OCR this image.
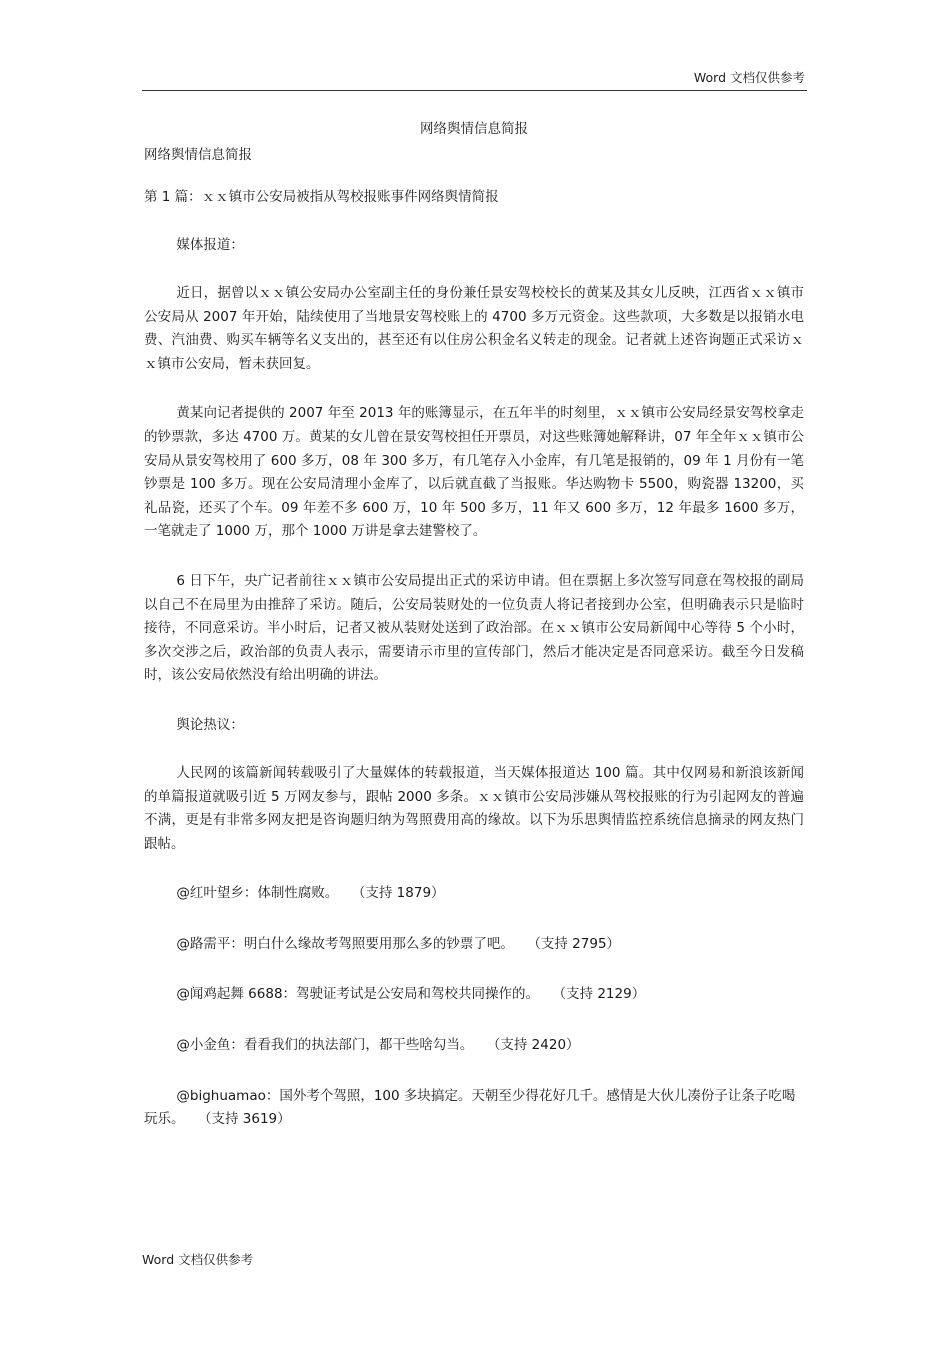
Word 文档仅供参考
网络舆情信息简报
网络舆情信息简报
第 1 篇：ｘｘ镇市公安局被指从驾校报账事件网络舆情简报
媒体报道：

近日，据曾以ｘｘ镇公安局办公室副主任的身份兼任景安驾校校长的黄某及其女儿反映，江西省ｘｘ镇市公安局从 2007 年开始，陆续使用了当地景安驾校账上的 4700 多万元资金。这些款项，大多数是以报销水电费、汽油费、购买车辆等名义支出的，甚至还有以住房公积金名义转走的现金。记者就上述咨询题正式采访ｘｘ镇市公安局，暂未获回复。

黄某向记者提供的 2007 年至 2013 年的账簿显示，在五年半的时刻里，ｘｘ镇市公安局经景安驾校拿走的钞票款，多达 4700 万。黄某的女儿曾在景安驾校担任开票员，对这些账簿她解释讲，07 年全年ｘｘ镇市公安局从景安驾校用了 600 多万，08 年 300 多万，有几笔存入小金库，有几笔是报销的，09 年 1 月份有一笔钞票是 100 多万。现在公安局清理小金库了，以后就直截了当报账。华达购物卡 5500，购瓷器 13200，买礼品瓷，还买了个车。09 年差不多 600 万，10 年 500 多万，11 年又 600 多万，12 年最多 1600 多万，一笔就走了 1000 万，那个 1000 万讲是拿去建警校了。

6 日下午，央广记者前往ｘｘ镇市公安局提出正式的采访申请。但在票据上多次签写同意在驾校报的副局以自己不在局里为由推辞了采访。随后，公安局装财处的一位负责人将记者接到办公室，但明确表示只是临时接待，不同意采访。半小时后，记者又被从装财处送到了政治部。在ｘｘ镇市公安局新闻中心等待 5 个小时，多次交涉之后，政治部的负责人表示，需要请示市里的宣传部门，然后才能决定是否同意采访。截至今日发稿时，该公安局依然没有给出明确的讲法。

舆论热议：

人民网的该篇新闻转载吸引了大量媒体的转载报道，当天媒体报道达 100 篇。其中仅网易和新浪该新闻的单篇报道就吸引近 5 万网友参与，跟帖 2000 多条。ｘｘ镇市公安局涉嫌从驾校报账的行为引起网友的普遍不满，更是有非常多网友把是咨询题归纳为驾照费用高的缘故。以下为乐思舆情监控系统信息摘录的网友热门跟帖。

@红叶望乡：体制性腐败。 （支持 1879）

@路需平：明白什么缘故考驾照要用那么多的钞票了吧。 （支持 2795）

@闻鸡起舞 6688：驾驶证考试是公安局和驾校共同操作的。 （支持 2129）

@小金鱼：看看我们的执法部门，都干些啥勾当。 （支持 2420）

@bighuamao：国外考个驾照，100 多块搞定。天朝至少得花好几千。感情是大伙儿凑份子让条子吃喝玩乐。 （支持 3619）

Word 文档仅供参考
